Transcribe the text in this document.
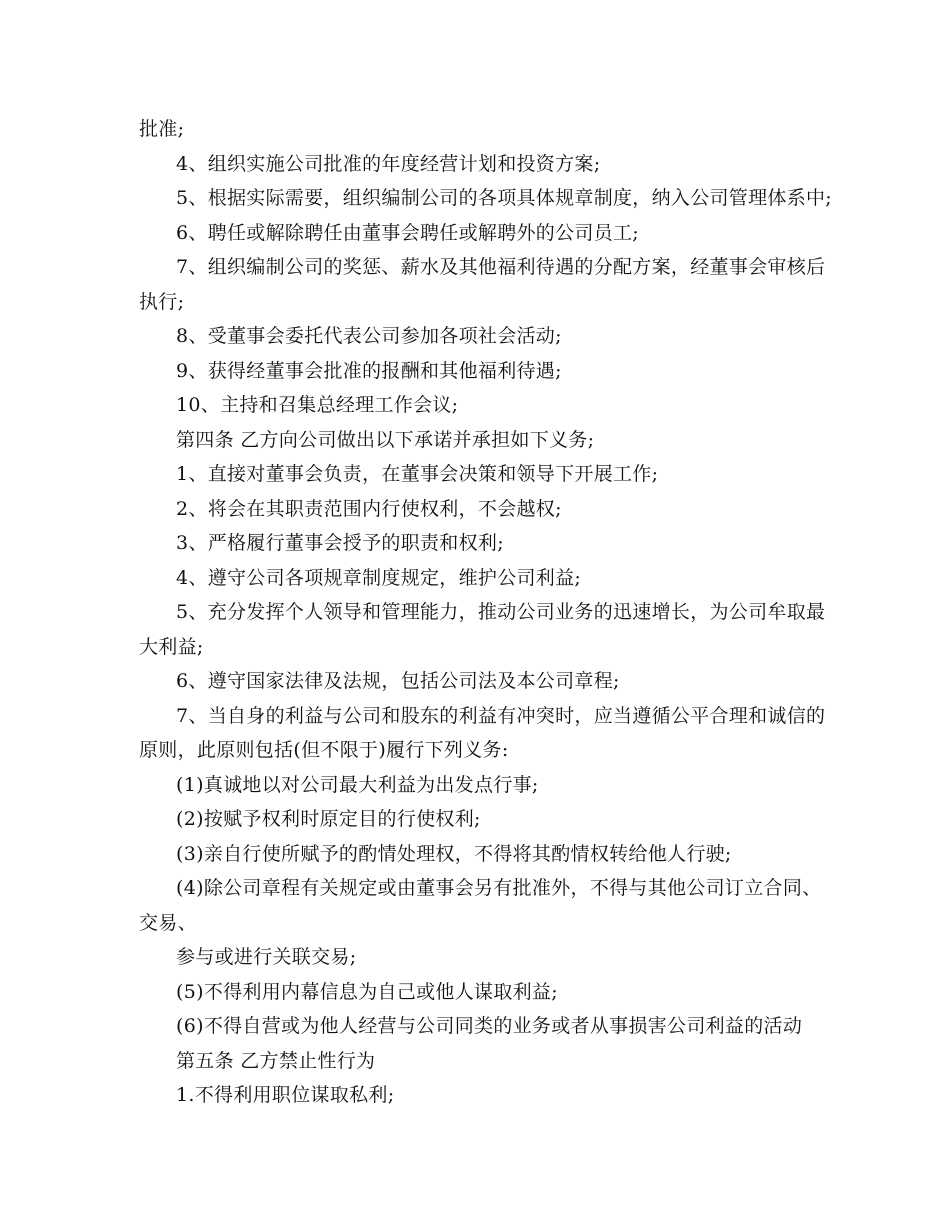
批准;
4、组织实施公司批准的年度经营计划和投资方案;
5、根据实际需要，组织编制公司的各项具体规章制度，纳入公司管理体系中;
6、聘任或解除聘任由董事会聘任或解聘外的公司员工;
7、组织编制公司的奖惩、薪水及其他福利待遇的分配方案，经董事会审核后
执行;
8、受董事会委托代表公司参加各项社会活动;
9、获得经董事会批准的报酬和其他福利待遇;
10、主持和召集总经理工作会议;
第四条 乙方向公司做出以下承诺并承担如下义务;
1、直接对董事会负责，在董事会决策和领导下开展工作;
2、将会在其职责范围内行使权利，不会越权;
3、严格履行董事会授予的职责和权利;
4、遵守公司各项规章制度规定，维护公司利益;
5、充分发挥个人领导和管理能力，推动公司业务的迅速增长，为公司牟取最
大利益;
6、遵守国家法律及法规，包括公司法及本公司章程;
7、当自身的利益与公司和股东的利益有冲突时，应当遵循公平合理和诚信的
原则，此原则包括(但不限于)履行下列义务:
(1)真诚地以对公司最大利益为出发点行事;
(2)按赋予权利时原定目的行使权利;
(3)亲自行使所赋予的酌情处理权，不得将其酌情权转给他人行驶;
(4)除公司章程有关规定或由董事会另有批准外，不得与其他公司订立合同、
交易、
参与或进行关联交易;
(5)不得利用内幕信息为自己或他人谋取利益;
(6)不得自营或为他人经营与公司同类的业务或者从事损害公司利益的活动
第五条 乙方禁止性行为
1.不得利用职位谋取私利;
